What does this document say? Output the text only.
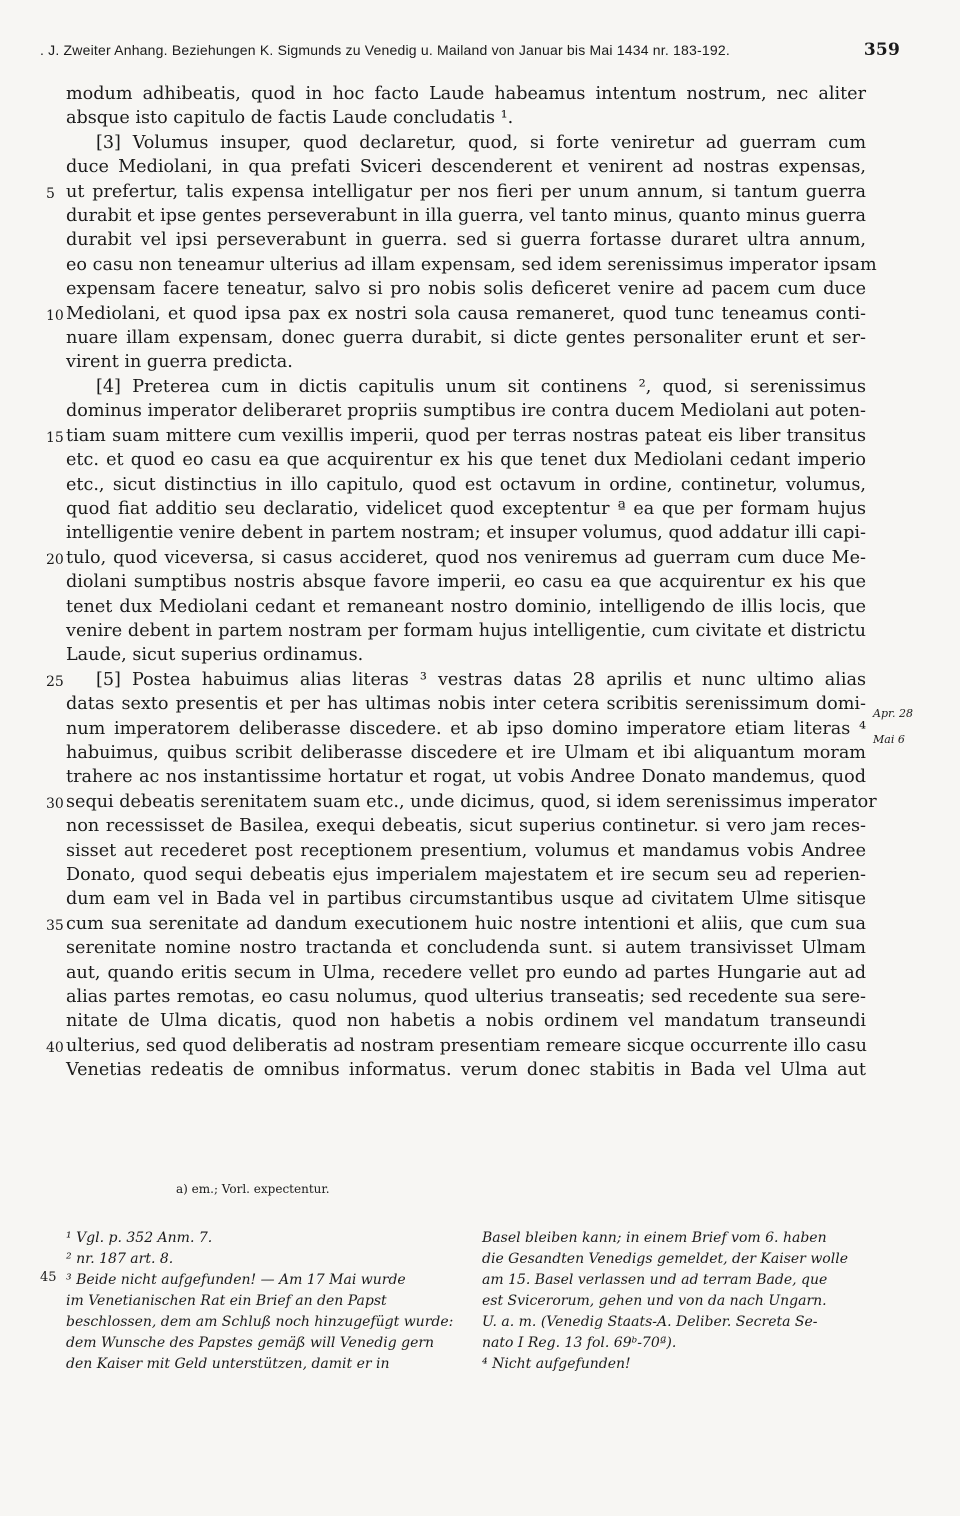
. J. Zweiter Anhang. Beziehungen K. Sigmunds zu Venedig u. Mailand von Januar bis Mai 1434 nr. 183-192.	359
modum adhibeatis, quod in hoc facto Laude habeamus intentum nostrum, nec aliter
absque isto capitulo de factis Laude concludatis ¹.
[3] Volumus insuper, quod declaretur, quod, si forte veniretur ad guerram cum
duce Mediolani, in qua prefati Sviceri descenderent et venirent ad nostras expensas,
5 ut prefertur, talis expensa intelligatur per nos fieri per unum annum, si tantum guerra
durabit et ipse gentes perseverabunt in illa guerra, vel tanto minus, quanto minus guerra
durabit vel ipsi perseverabunt in guerra. sed si guerra fortasse duraret ultra annum,
eo casu non teneamur ulterius ad illam expensam, sed idem serenissimus imperator ipsam
expensam facere teneatur, salvo si pro nobis solis deficeret venire ad pacem cum duce
10 Mediolani, et quod ipsa pax ex nostri sola causa remaneret, quod tunc teneamus conti-
nuare illam expensam, donec guerra durabit, si dicte gentes personaliter erunt et ser-
virent in guerra predicta.
[4] Preterea cum in dictis capitulis unum sit continens ², quod, si serenissimus
dominus imperator deliberaret propriis sumptibus ire contra ducem Mediolani aut poten-
15 tiam suam mittere cum vexillis imperii, quod per terras nostras pateat eis liber transitus
etc. et quod eo casu ea que acquirentur ex his que tenet dux Mediolani cedant imperio
etc., sicut distinctius in illo capitulo, quod est octavum in ordine, continetur, volumus,
quod fiat additio seu declaratio, videlicet quod exceptentur ª ea que per formam hujus
intelligentie venire debent in partem nostram; et insuper volumus, quod addatur illi capi-
20 tulo, quod viceversa, si casus accideret, quod nos veniremus ad guerram cum duce Me-
diolani sumptibus nostris absque favore imperii, eo casu ea que acquirentur ex his que
tenet dux Mediolani cedant et remaneant nostro dominio, intelligendo de illis locis, que
venire debent in partem nostram per formam hujus intelligentie, cum civitate et districtu
Laude, sicut superius ordinamus.
25 [5] Postea habuimus alias literas ³ vestras datas 28 aprilis et nunc ultimo alias
datas sexto presentis et per has ultimas nobis inter cetera scribitis serenissimum domi-
num imperatorem deliberasse discedere. et ab ipso domino imperatore etiam literas ⁴
habuimus, quibus scribit deliberasse discedere et ire Ulmam et ibi aliquantum moram
trahere ac nos instantissime hortatur et rogat, ut vobis Andree Donato mandemus, quod
30 sequi debeatis serenitatem suam etc., unde dicimus, quod, si idem serenissimus imperator
non recessisset de Basilea, exequi debeatis, sicut superius continetur. si vero jam reces-
sisset aut recederet post receptionem presentium, volumus et mandamus vobis Andree
Donato, quod sequi debeatis ejus imperialem majestatem et ire secum seu ad reperien-
dum eam vel in Bada vel in partibus circumstantibus usque ad civitatem Ulme sitisque
35 cum sua serenitate ad dandum executionem huic nostre intentioni et aliis, que cum sua
serenitate nomine nostro tractanda et concludenda sunt. si autem transivisset Ulmam
aut, quando eritis secum in Ulma, recedere vellet pro eundo ad partes Hungarie aut ad
alias partes remotas, eo casu nolumus, quod ulterius transeatis; sed recedente sua sere-
nitate de Ulma dicatis, quod non habetis a nobis ordinem vel mandatum transeundi
40 ulterius, sed quod deliberatis ad nostram presentiam remeare sicque occurrente illo casu
Venetias redeatis de omnibus informatus. verum donec stabitis in Bada vel Ulma aut
Apr. 28
Mai 6
a) em.; Vorl. expectentur.
45
¹ Vgl. p. 352 Anm. 7.
² nr. 187 art. 8.
³ Beide nicht aufgefunden! — Am 17 Mai wurde
im Venetianischen Rat ein Brief an den Papst
beschlossen, dem am Schluß noch hinzugefügt wurde:
dem Wunsche des Papstes gemäß will Venedig gern
den Kaiser mit Geld unterstützen, damit er in
Basel bleiben kann; in einem Brief vom 6. haben
die Gesandten Venedigs gemeldet, der Kaiser wolle
am 15. Basel verlassen und ad terram Bade, que
est Svicerorum, gehen und von da nach Ungarn.
U. a. m. (Venedig Staats-A. Deliber. Secreta Se-
nato I Reg. 13 fol. 69ᵇ-70ª).
⁴ Nicht aufgefunden!
